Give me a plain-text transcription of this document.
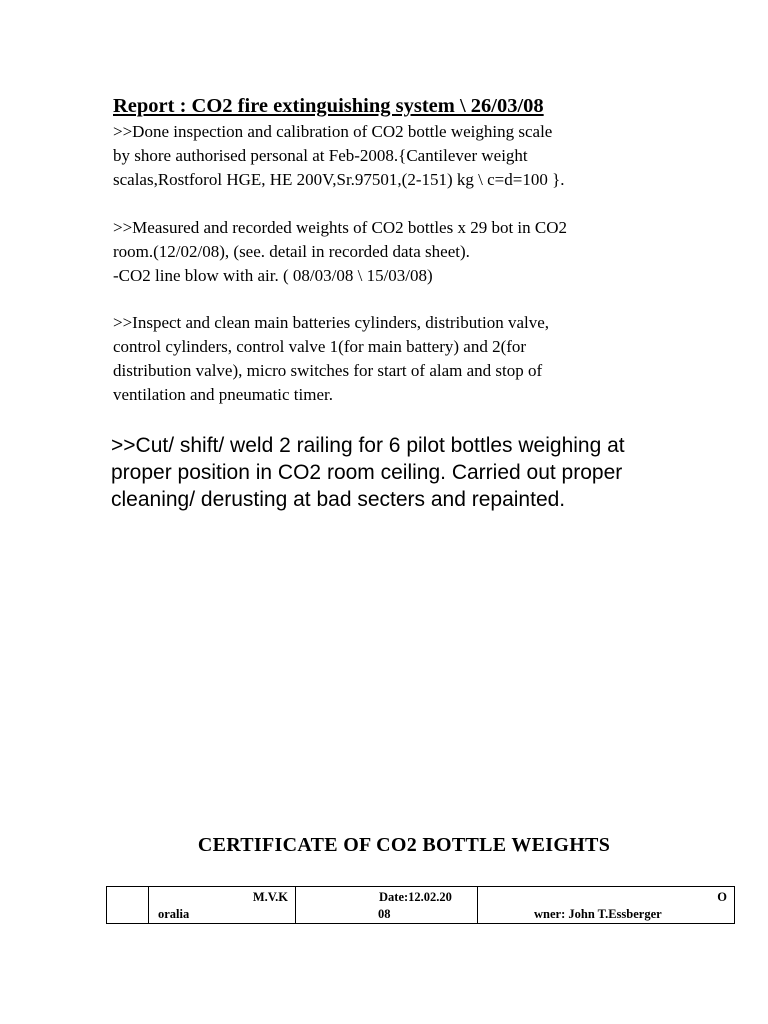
Report : CO2 fire extinguishing system \ 26/03/08
>>Done inspection and calibration of CO2 bottle weighing scale
by shore authorised personal at Feb-2008.{Cantilever weight
scalas,Rostforol HGE, HE 200V,Sr.97501,(2-151) kg \ c=d=100 }.
>>Measured and recorded weights of CO2 bottles x 29 bot in CO2
room.(12/02/08), (see. detail in recorded data sheet).
-CO2 line blow with air. ( 08/03/08 \ 15/03/08)
>>Inspect and clean main batteries cylinders, distribution valve,
control cylinders, control valve 1(for main battery) and 2(for
distribution valve), micro switches for start of alam and stop of
ventilation and pneumatic timer.
>>Cut/ shift/ weld 2 railing for 6 pilot bottles weighing at
proper position in CO2 room ceiling. Carried out proper
cleaning/ derusting at bad secters and repainted.
CERTIFICATE OF CO2 BOTTLE WEIGHTS

M.V.K
oralia

Date:12.02.20
08

O
wner: John T.Essberger
